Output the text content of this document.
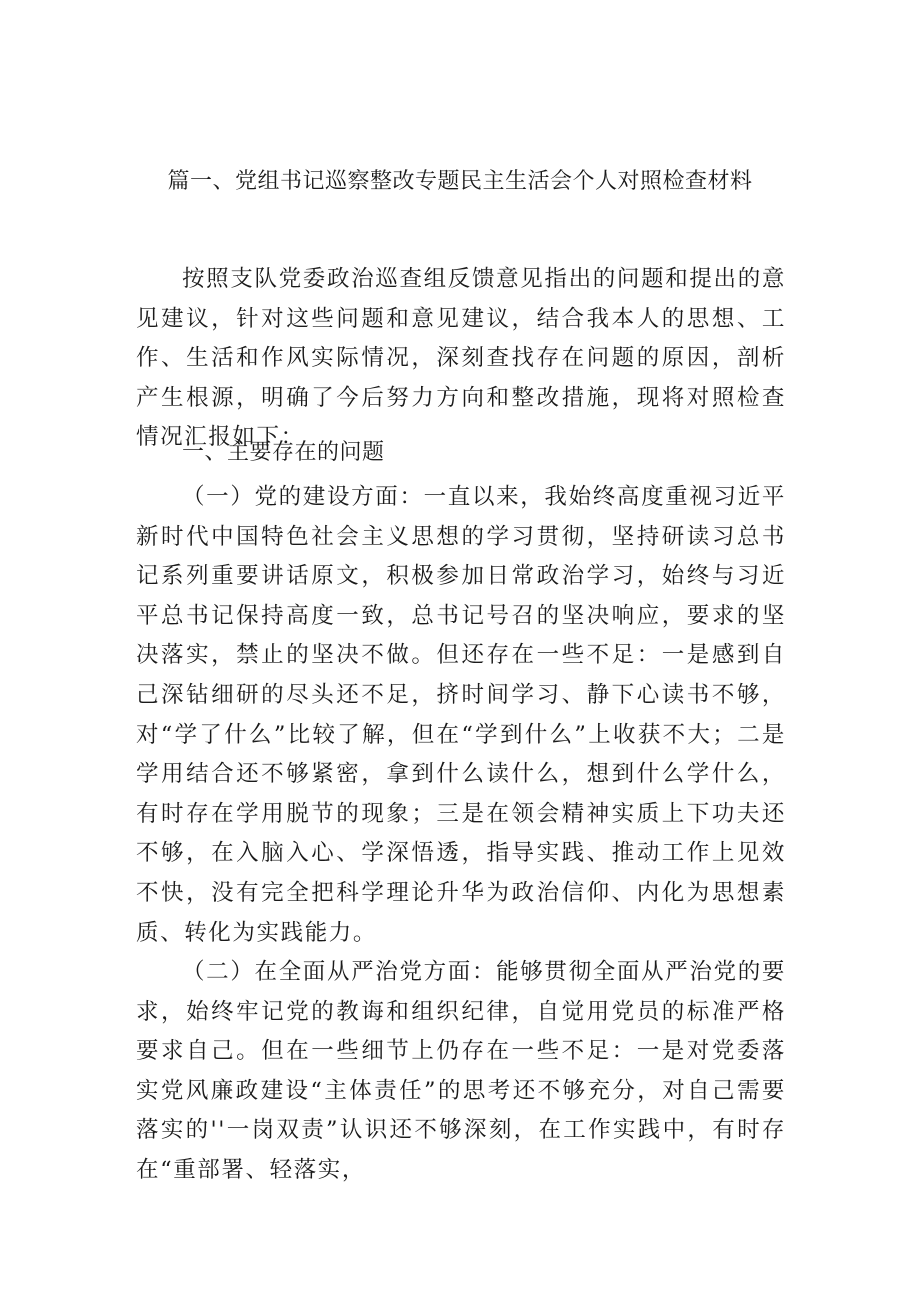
篇一、党组书记巡察整改专题民主生活会个人对照检查材料

按照支队党委政治巡查组反馈意见指出的问题和提出的意见建议，针对这些问题和意见建议，结合我本人的思想、工作、生活和作风实际情况，深刻查找存在问题的原因，剖析产生根源，明确了今后努力方向和整改措施，现将对照检查情况汇报如下：

一、主要存在的问题

（一）党的建设方面：一直以来，我始终高度重视习近平新时代中国特色社会主义思想的学习贯彻，坚持研读习总书记系列重要讲话原文，积极参加日常政治学习，始终与习近平总书记保持高度一致，总书记号召的坚决响应，要求的坚决落实，禁止的坚决不做。但还存在一些不足：一是感到自己深钻细研的尽头还不足，挤时间学习、静下心读书不够，对“学了什么”比较了解，但在“学到什么”上收获不大；二是学用结合还不够紧密，拿到什么读什么，想到什么学什么，有时存在学用脱节的现象；三是在领会精神实质上下功夫还不够，在入脑入心、学深悟透，指导实践、推动工作上见效不快，没有完全把科学理论升华为政治信仰、内化为思想素质、转化为实践能力。

（二）在全面从严治党方面：能够贯彻全面从严治党的要求，始终牢记党的教诲和组织纪律，自觉用党员的标准严格要求自己。但在一些细节上仍存在一些不足：一是对党委落实党风廉政建设“主体责任”的思考还不够充分，对自己需要落实的''一岗双责”认识还不够深刻，在工作实践中，有时存在“重部署、轻落实，
